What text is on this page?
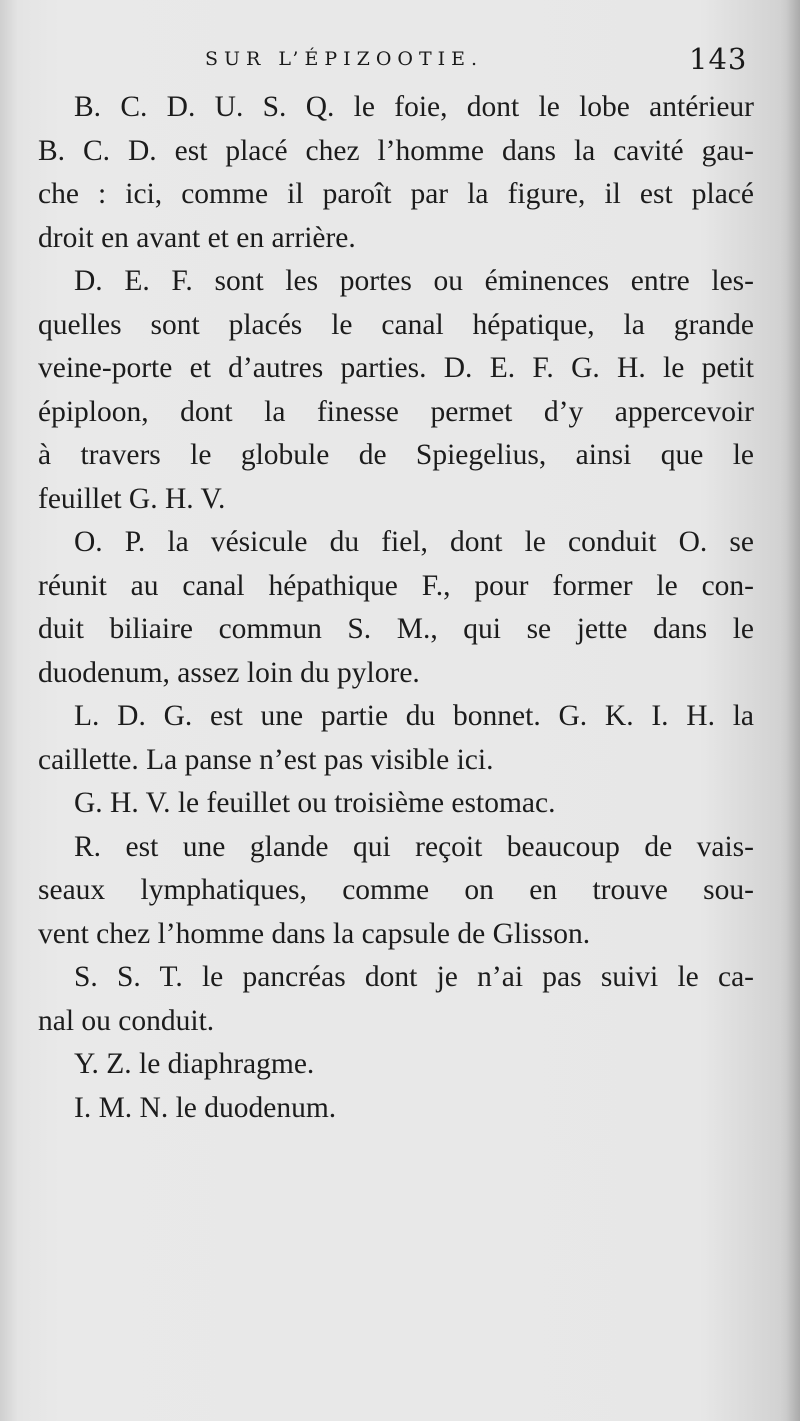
SUR L’ÉPIZOOTIE.	143
B. C. D. U. S. Q. le foie, dont le lobe antérieur
B. C. D. est placé chez l’homme dans la cavité gau-
che : ici, comme il paroît par la figure, il est placé
droit en avant et en arrière.
D. E. F. sont les portes ou éminences entre les-
quelles sont placés le canal hépatique, la grande
veine-porte et d’autres parties. D. E. F. G. H. le petit
épiploon, dont la finesse permet d’y appercevoir
à travers le globule de Spiegelius, ainsi que le
feuillet G. H. V.
O. P. la vésicule du fiel, dont le conduit O. se
réunit au canal hépathique F., pour former le con-
duit biliaire commun S. M., qui se jette dans le
duodenum, assez loin du pylore.
L. D. G. est une partie du bonnet. G. K. I. H. la
caillette. La panse n’est pas visible ici.
G. H. V. le feuillet ou troisième estomac.
R. est une glande qui reçoit beaucoup de vais-
seaux lymphatiques, comme on en trouve sou-
vent chez l’homme dans la capsule de Glisson.
S. S. T. le pancréas dont je n’ai pas suivi le ca-
nal ou conduit.
Y. Z. le diaphragme.
I. M. N. le duodenum.
